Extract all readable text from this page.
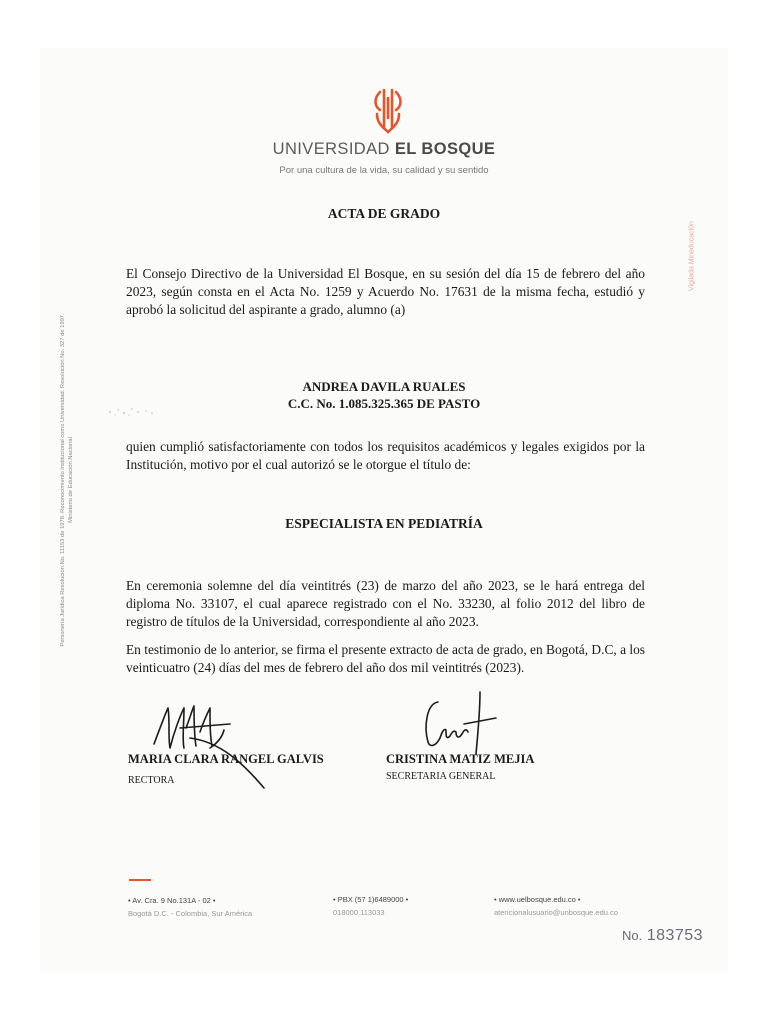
UNIVERSIDAD EL BOSQUE
Por una cultura de la vida, su calidad y su sentido
ACTA DE GRADO

El Consejo Directivo de la Universidad El Bosque, en su sesión del día 15 de febrero del año 2023, según consta en el Acta No. 1259 y Acuerdo No. 17631 de la misma fecha, estudió y aprobó la solicitud del aspirante a grado, alumno (a)

ANDREA DAVILA RUALES
C.C. No. 1.085.325.365 DE PASTO

quien cumplió satisfactoriamente con todos los requisitos académicos y legales exigidos por la Institución, motivo por el cual autorizó se le otorgue el título de:

ESPECIALISTA EN PEDIATRÍA

En ceremonia solemne del día veintitrés (23) de marzo del año 2023, se le hará entrega del diploma No. 33107, el cual aparece registrado con el No. 33230, al folio 2012 del libro de registro de títulos de la Universidad, correspondiente al año 2023.

En testimonio de lo anterior, se firma el presente extracto de acta de grado, en Bogotá, D.C, a los veinticuatro (24) días del mes de febrero del año dos mil veintitrés (2023).

MARIA CLARA RANGEL GALVIS
RECTORA
CRISTINA MATIZ MEJIA
SECRETARIA GENERAL
Personería Jurídica Resolución No. 11153 de 1978. Reconocimiento institucional como Universidad. Resolución No. 327 de 1997. Ministerio de Educación Nacional
Vigilada Mineducación
• Av. Cra. 9 No.131A - 02 •
Bogotá D.C. - Colombia, Sur América
• PBX (57 1)6489000 •
018000 113033
• www.uelbosque.edu.co •
atencionalusuario@unbosque.edu.co
No. 183753
